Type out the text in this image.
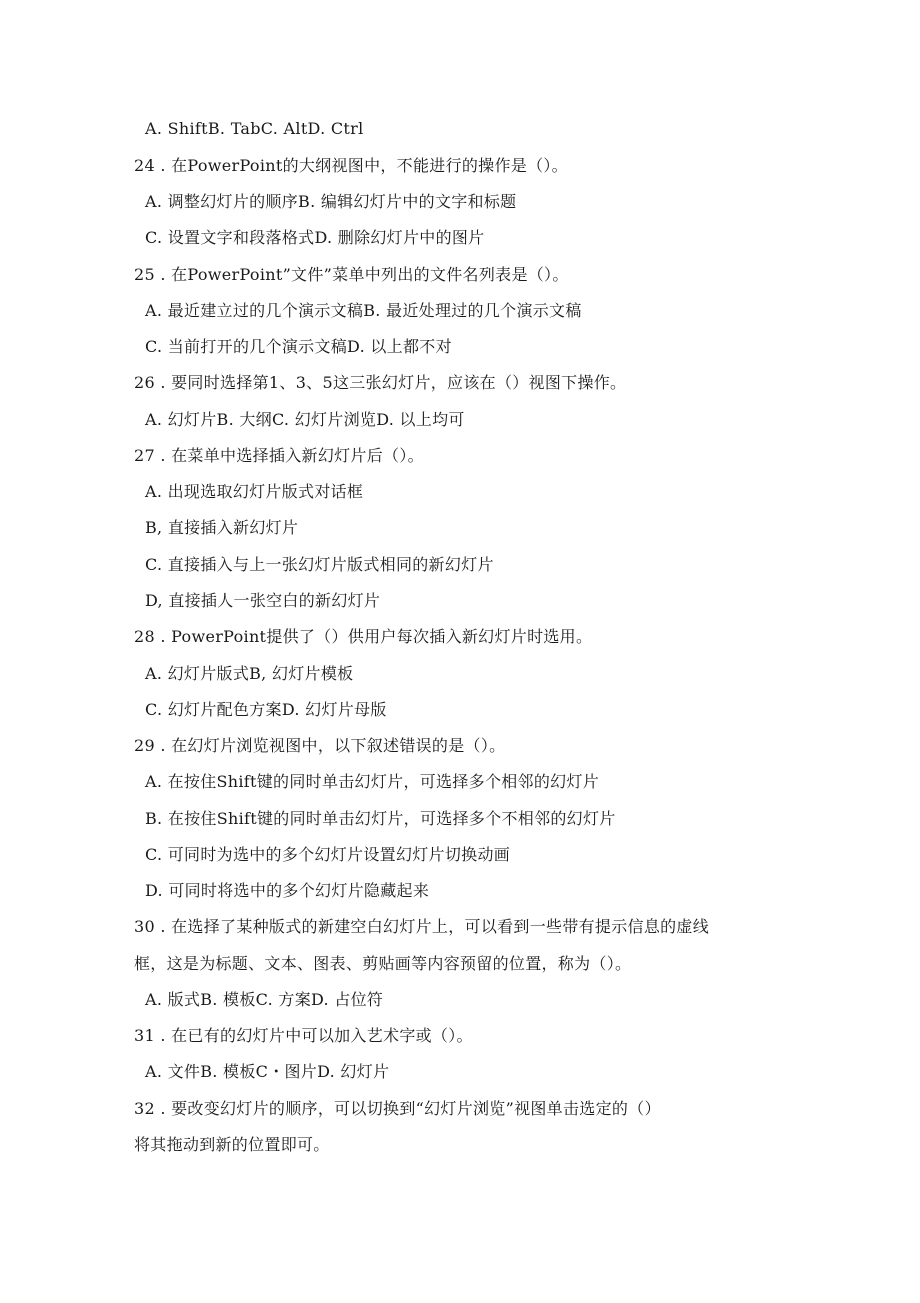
A. ShiftB. TabC. AltD. Ctrl
24 . 在PowerPoint的大纲视图中，不能进行的操作是（）。
A. 调整幻灯片的顺序B. 编辑幻灯片中的文字和标题
C. 设置文字和段落格式D. 删除幻灯片中的图片
25 . 在PowerPoint”文件”菜单中列出的文件名列表是（）。
A. 最近建立过的几个演示文稿B. 最近处理过的几个演示文稿
C. 当前打开的几个演示文稿D. 以上都不对
26 . 要同时选择第1、3、5这三张幻灯片，应该在（）视图下操作。
A. 幻灯片B. 大纲C. 幻灯片浏览D. 以上均可
27 . 在菜单中选择插入新幻灯片后（）。
A. 出现选取幻灯片版式对话框
B, 直接插入新幻灯片
C. 直接插入与上一张幻灯片版式相同的新幻灯片
D, 直接插人一张空白的新幻灯片
28 . PowerPoint提供了（）供用户每次插入新幻灯片时选用。
A. 幻灯片版式B, 幻灯片模板
C. 幻灯片配色方案D. 幻灯片母版
29 . 在幻灯片浏览视图中，以下叙述错误的是（）。
A. 在按住Shift键的同时单击幻灯片，可选择多个相邻的幻灯片
B. 在按住Shift键的同时单击幻灯片，可选择多个不相邻的幻灯片
C. 可同时为选中的多个幻灯片设置幻灯片切换动画
D. 可同时将选中的多个幻灯片隐藏起来
30 . 在选择了某种版式的新建空白幻灯片上，可以看到一些带有提示信息的虚线
框，这是为标题、文本、图表、剪贴画等内容预留的位置，称为（）。
A. 版式B. 模板C. 方案D. 占位符
31 . 在已有的幻灯片中可以加入艺术字或（）。
A. 文件B. 模板C・图片D. 幻灯片
32 . 要改变幻灯片的顺序，可以切换到“幻灯片浏览”视图单击选定的（）
将其拖动到新的位置即可。
